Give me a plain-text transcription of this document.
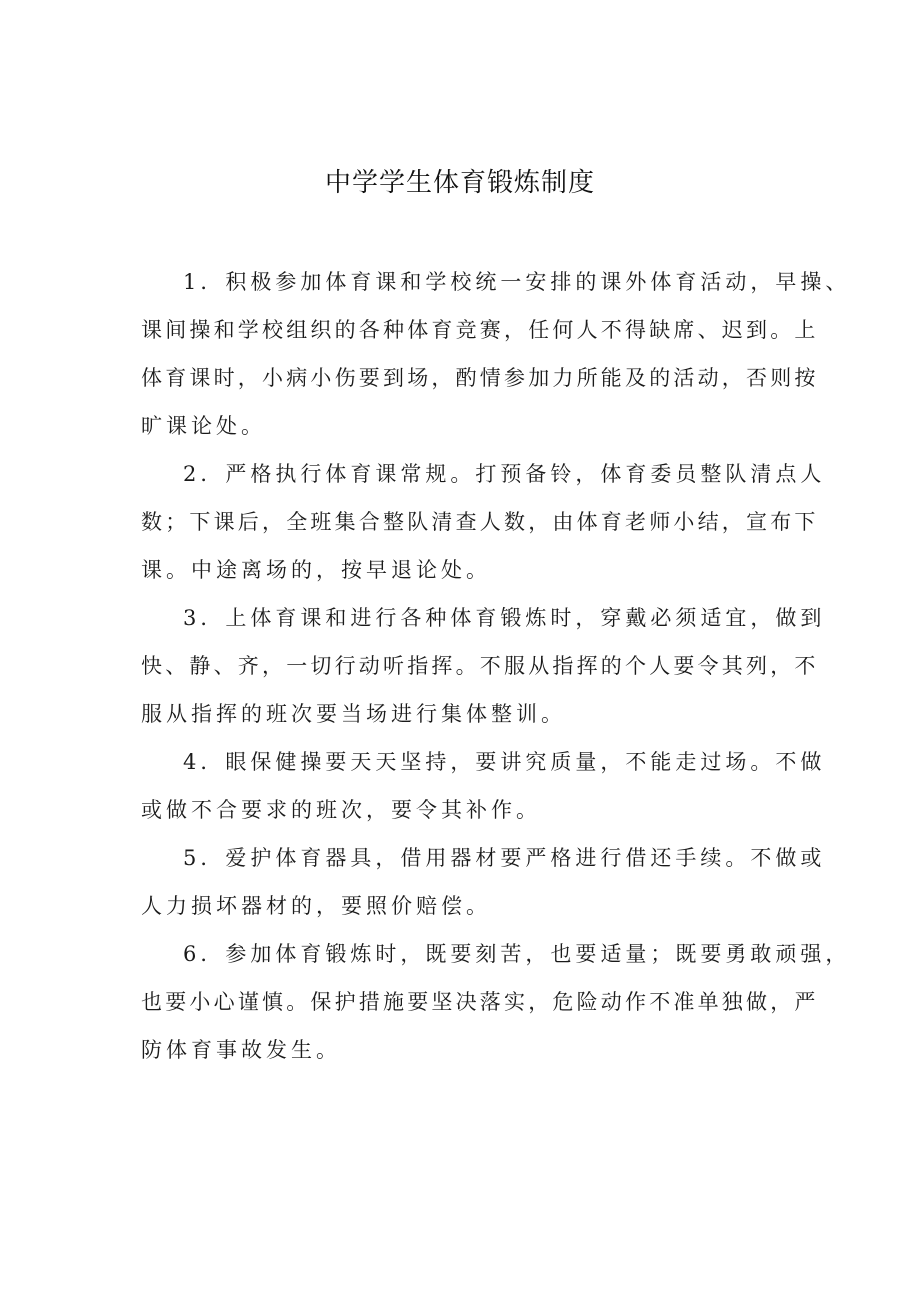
中学学生体育锻炼制度
1．积极参加体育课和学校统一安排的课外体育活动，早操、
课间操和学校组织的各种体育竞赛，任何人不得缺席、迟到。上
体育课时，小病小伤要到场，酌情参加力所能及的活动，否则按
旷课论处。
2．严格执行体育课常规。打预备铃，体育委员整队清点人
数；下课后，全班集合整队清查人数，由体育老师小结，宣布下
课。中途离场的，按早退论处。
3．上体育课和进行各种体育锻炼时，穿戴必须适宜，做到
快、静、齐，一切行动听指挥。不服从指挥的个人要令其列，不
服从指挥的班次要当场进行集体整训。
4．眼保健操要天天坚持，要讲究质量，不能走过场。不做
或做不合要求的班次，要令其补作。
5．爱护体育器具，借用器材要严格进行借还手续。不做或
人力损坏器材的，要照价赔偿。
6．参加体育锻炼时，既要刻苦，也要适量；既要勇敢顽强，
也要小心谨慎。保护措施要坚决落实，危险动作不准单独做，严
防体育事故发生。
